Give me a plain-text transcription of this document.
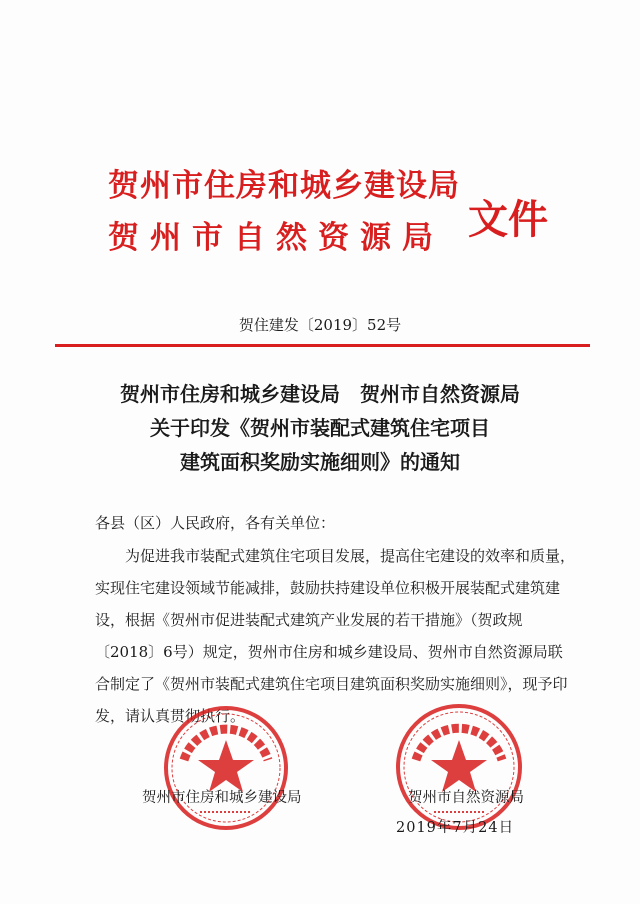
贺州市住房和城乡建设局
贺州市自然资源局 文件
贺住建发〔2019〕52号
贺州市住房和城乡建设局　贺州市自然资源局
关于印发《贺州市装配式建筑住宅项目
建筑面积奖励实施细则》的通知
各县（区）人民政府，各有关单位：

　　为促进我市装配式建筑住宅项目发展，提高住宅建设的效率和质量，实现住宅建设领域节能减排，鼓励扶持建设单位积极开展装配式建筑建设，根据《贺州市促进装配式建筑产业发展的若干措施》（贺政规〔2018〕6号）规定，贺州市住房和城乡建设局、贺州市自然资源局联合制定了《贺州市装配式建筑住宅项目建筑面积奖励实施细则》，现予印发，请认真贯彻执行。

贺州市住房和城乡建设局	贺州市自然资源局
2019年7月24日
